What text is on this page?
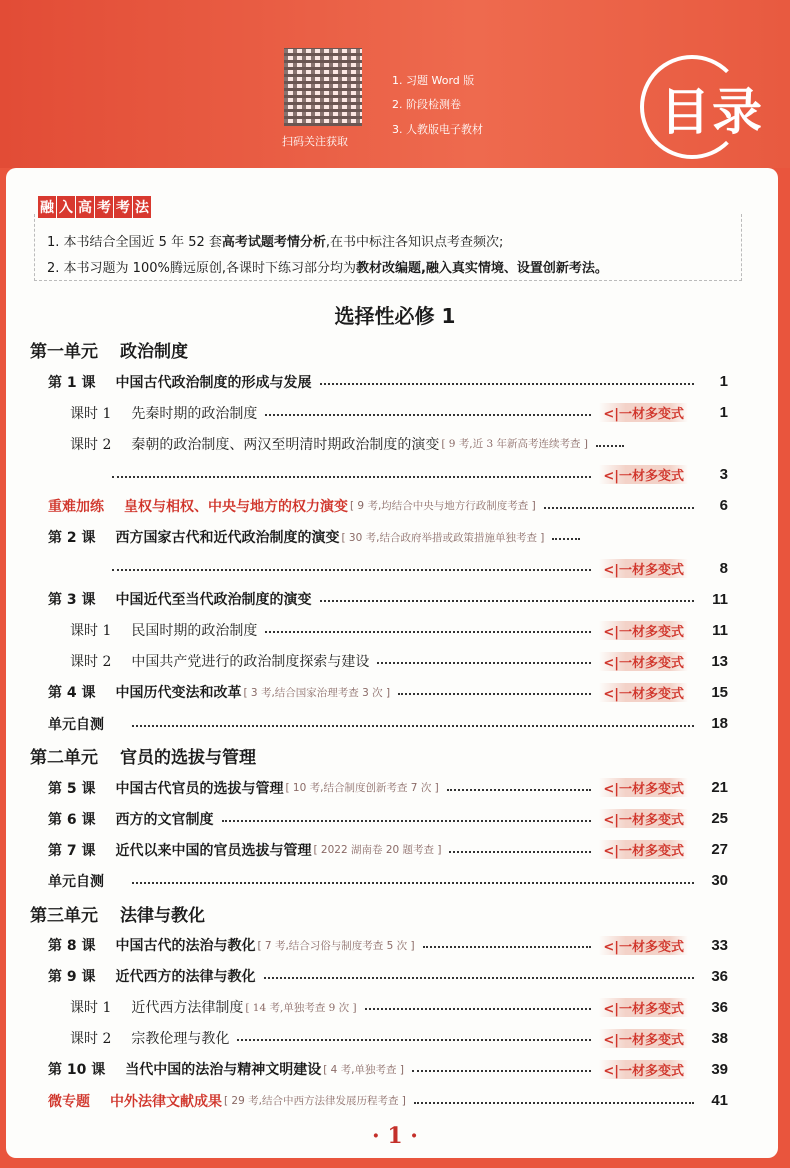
扫码关注获取
1. 习题 Word 版
2. 阶段检测卷
3. 人教版电子教材	目录

1. 本书结合全国近 5 年 52 套高考试题考情分析,在书中标注各知识点考查频次;

2. 本书习题为 100%腾远原创,各课时下练习部分均为教材改编题,融入真实情境、设置创新考法。

融 入 高 考 考 法
选择性必修 1
第一单元 政治制度
第 1 课 中国古代政治制度的形成与发展	1
课时 1 先秦时期的政治制度	<|一材多变式	1
课时 2 秦朝的政治制度、两汉至明清时期政治制度的演变 [ 9 考,近 3 年新高考连续考查 ]
<|一材多变式	3
重难加练 皇权与相权、中央与地方的权力演变 [ 9 考,均结合中央与地方行政制度考查 ]	6
第 2 课 西方国家古代和近代政治制度的演变 [ 30 考,结合政府举措或政策措施单独考查 ]
<|一材多变式	8
第 3 课 中国近代至当代政治制度的演变	11
课时 1 民国时期的政治制度	<|一材多变式	11
课时 2 中国共产党进行的政治制度探索与建设	<|一材多变式	13
第 4 课 中国历代变法和改革 [ 3 考,结合国家治理考查 3 次 ]	<|一材多变式	15
单元自测	18
第二单元 官员的选拔与管理
第 5 课 中国古代官员的选拔与管理 [ 10 考,结合制度创新考查 7 次 ]	<|一材多变式	21
第 6 课 西方的文官制度	<|一材多变式	25
第 7 课 近代以来中国的官员选拔与管理 [ 2022 湖南卷 20 题考查 ]	<|一材多变式	27
单元自测	30
第三单元 法律与教化
第 8 课 中国古代的法治与教化 [ 7 考,结合习俗与制度考查 5 次 ]	<|一材多变式	33
第 9 课 近代西方的法律与教化	36
课时 1 近代西方法律制度 [ 14 考,单独考查 9 次 ]	<|一材多变式	36
课时 2 宗教伦理与教化	<|一材多变式	38
第 10 课 当代中国的法治与精神文明建设 [ 4 考,单独考查 ]	<|一材多变式	39
微专题 中外法律文献成果 [ 29 考,结合中西方法律发展历程考查 ]	41
· 1 ·
